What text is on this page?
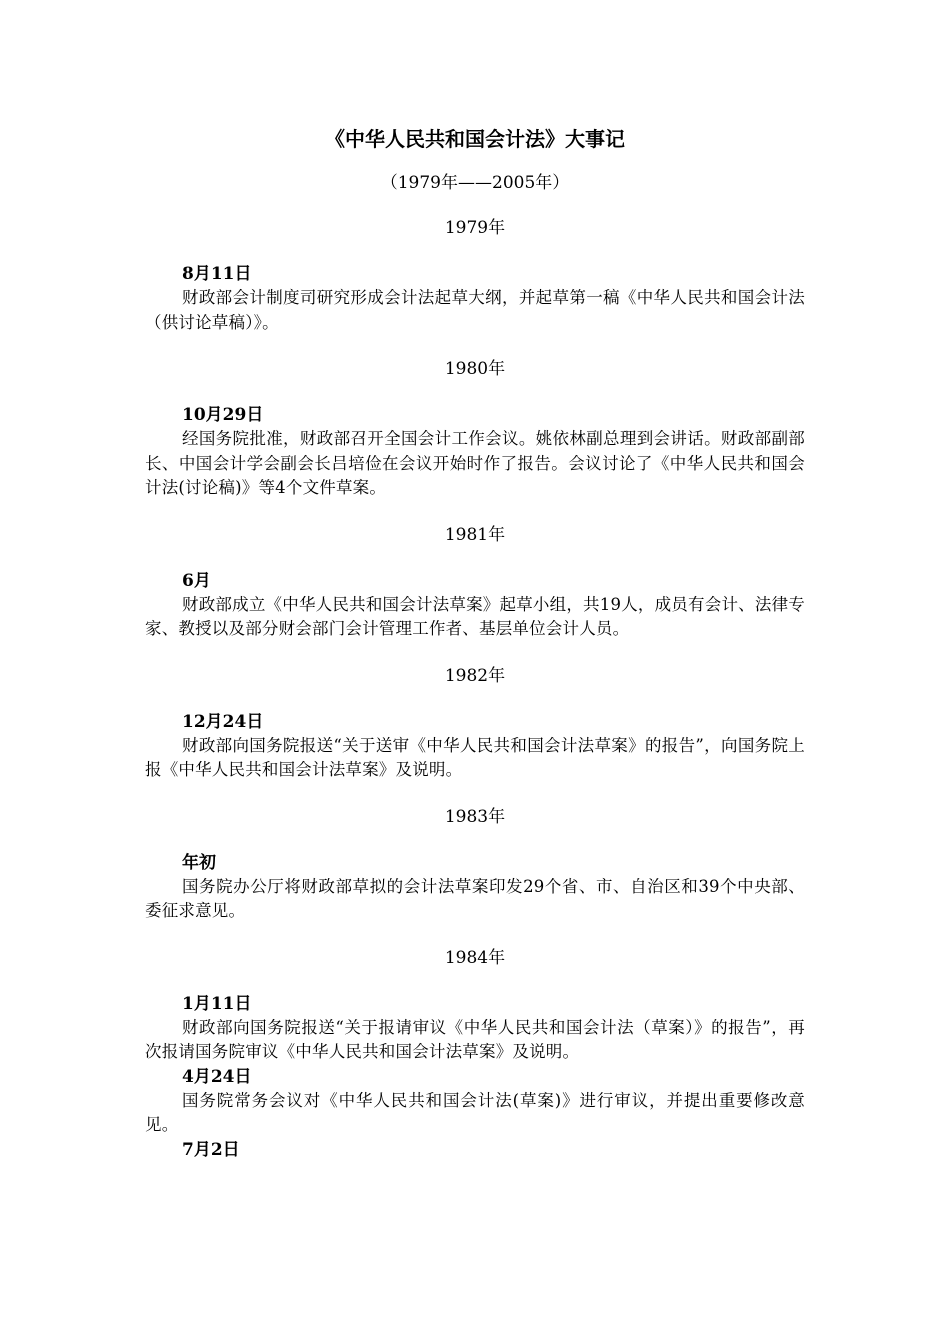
《中华人民共和国会计法》大事记
（1979年——2005年）
1979年
8月11日

财政部会计制度司研究形成会计法起草大纲，并起草第一稿《中华人民共和国会计法（供讨论草稿）》。

1980年
10月29日

经国务院批准，财政部召开全国会计工作会议。姚依林副总理到会讲话。财政部副部长、中国会计学会副会长吕培俭在会议开始时作了报告。会议讨论了《中华人民共和国会计法(讨论稿)》等4个文件草案。

1981年
6月

财政部成立《中华人民共和国会计法草案》起草小组，共19人，成员有会计、法律专家、教授以及部分财会部门会计管理工作者、基层单位会计人员。

1982年
12月24日

财政部向国务院报送“关于送审《中华人民共和国会计法草案》的报告”，向国务院上报《中华人民共和国会计法草案》及说明。

1983年
年初

国务院办公厅将财政部草拟的会计法草案印发29个省、市、自治区和39个中央部、委征求意见。

1984年
1月11日

财政部向国务院报送“关于报请审议《中华人民共和国会计法（草案）》的报告”，再次报请国务院审议《中华人民共和国会计法草案》及说明。

4月24日

国务院常务会议对《中华人民共和国会计法(草案)》进行审议，并提出重要修改意见。

7月2日
